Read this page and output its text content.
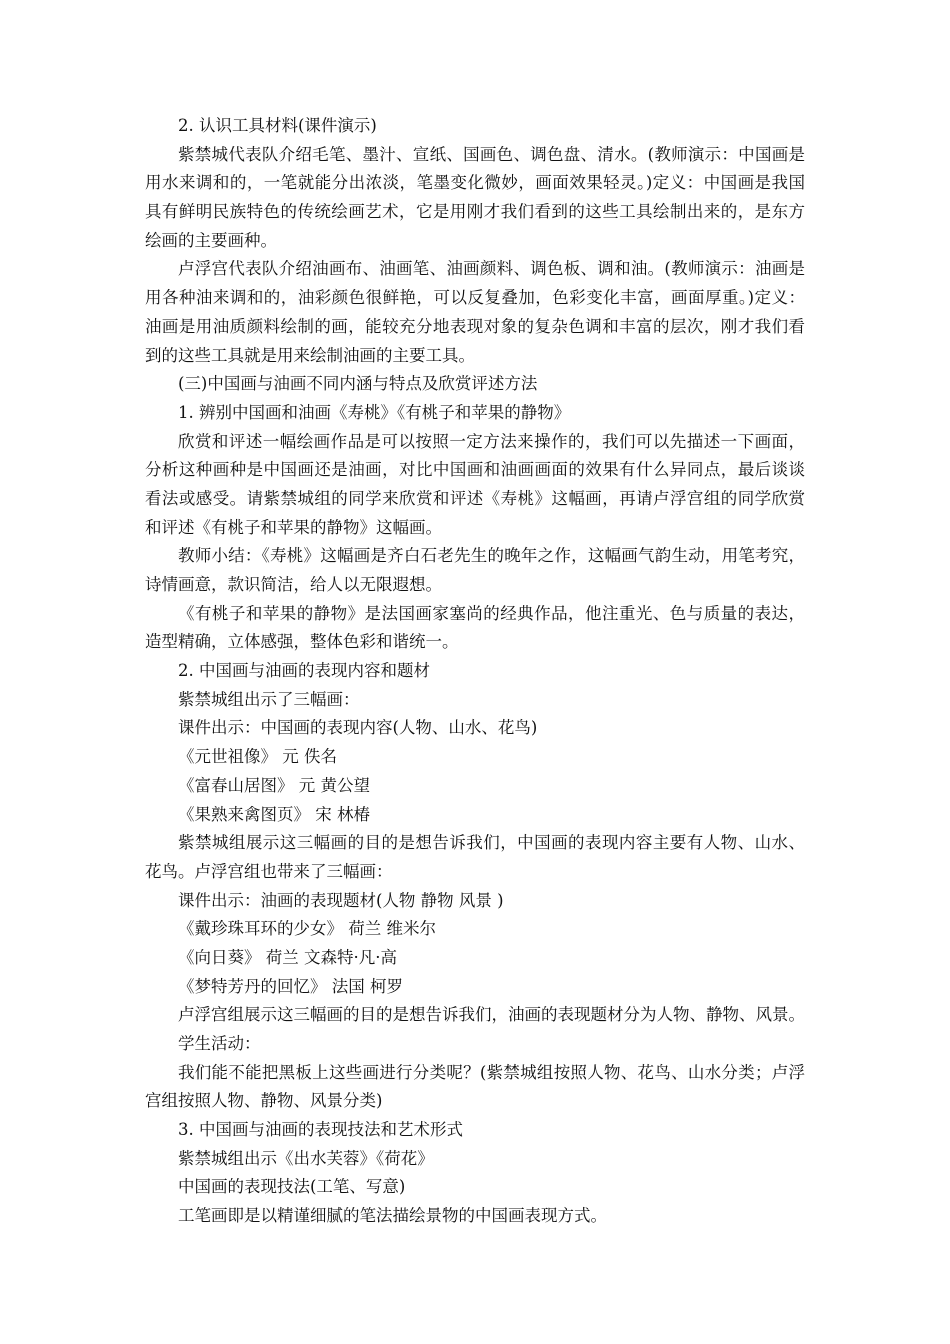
2. 认识工具材料(课件演示)
紫禁城代表队介绍毛笔、墨汁、宣纸、国画色、调色盘、清水。(教师演示：中国画是
用水来调和的，一笔就能分出浓淡，笔墨变化微妙，画面效果轻灵。)定义：中国画是我国
具有鲜明民族特色的传统绘画艺术，它是用刚才我们看到的这些工具绘制出来的，是东方
绘画的主要画种。
卢浮宫代表队介绍油画布、油画笔、油画颜料、调色板、调和油。(教师演示：油画是
用各种油来调和的，油彩颜色很鲜艳，可以反复叠加，色彩变化丰富，画面厚重。)定义：
油画是用油质颜料绘制的画，能较充分地表现对象的复杂色调和丰富的层次，刚才我们看
到的这些工具就是用来绘制油画的主要工具。
(三)中国画与油画不同内涵与特点及欣赏评述方法
1. 辨别中国画和油画《寿桃》《有桃子和苹果的静物》
欣赏和评述一幅绘画作品是可以按照一定方法来操作的，我们可以先描述一下画面，
分析这种画种是中国画还是油画，对比中国画和油画画面的效果有什么异同点，最后谈谈
看法或感受。请紫禁城组的同学来欣赏和评述《寿桃》这幅画，再请卢浮宫组的同学欣赏
和评述《有桃子和苹果的静物》这幅画。
教师小结：《寿桃》这幅画是齐白石老先生的晚年之作，这幅画气韵生动，用笔考究，
诗情画意，款识简洁，给人以无限遐想。
《有桃子和苹果的静物》是法国画家塞尚的经典作品，他注重光、色与质量的表达，
造型精确，立体感强，整体色彩和谐统一。
2. 中国画与油画的表现内容和题材
紫禁城组出示了三幅画：
课件出示：中国画的表现内容(人物、山水、花鸟)
《元世祖像》 元 佚名
《富春山居图》 元 黄公望
《果熟来禽图页》 宋 林椿
紫禁城组展示这三幅画的目的是想告诉我们，中国画的表现内容主要有人物、山水、
花鸟。卢浮宫组也带来了三幅画：
课件出示：油画的表现题材(人物 静物 风景 )
《戴珍珠耳环的少女》 荷兰 维米尔
《向日葵》 荷兰 文森特·凡·高
《梦特芳丹的回忆》 法国 柯罗
卢浮宫组展示这三幅画的目的是想告诉我们，油画的表现题材分为人物、静物、风景。
学生活动：
我们能不能把黑板上这些画进行分类呢？(紫禁城组按照人物、花鸟、山水分类；卢浮
宫组按照人物、静物、风景分类)
3. 中国画与油画的表现技法和艺术形式
紫禁城组出示《出水芙蓉》《荷花》
中国画的表现技法(工笔、写意)
工笔画即是以精谨细腻的笔法描绘景物的中国画表现方式。
